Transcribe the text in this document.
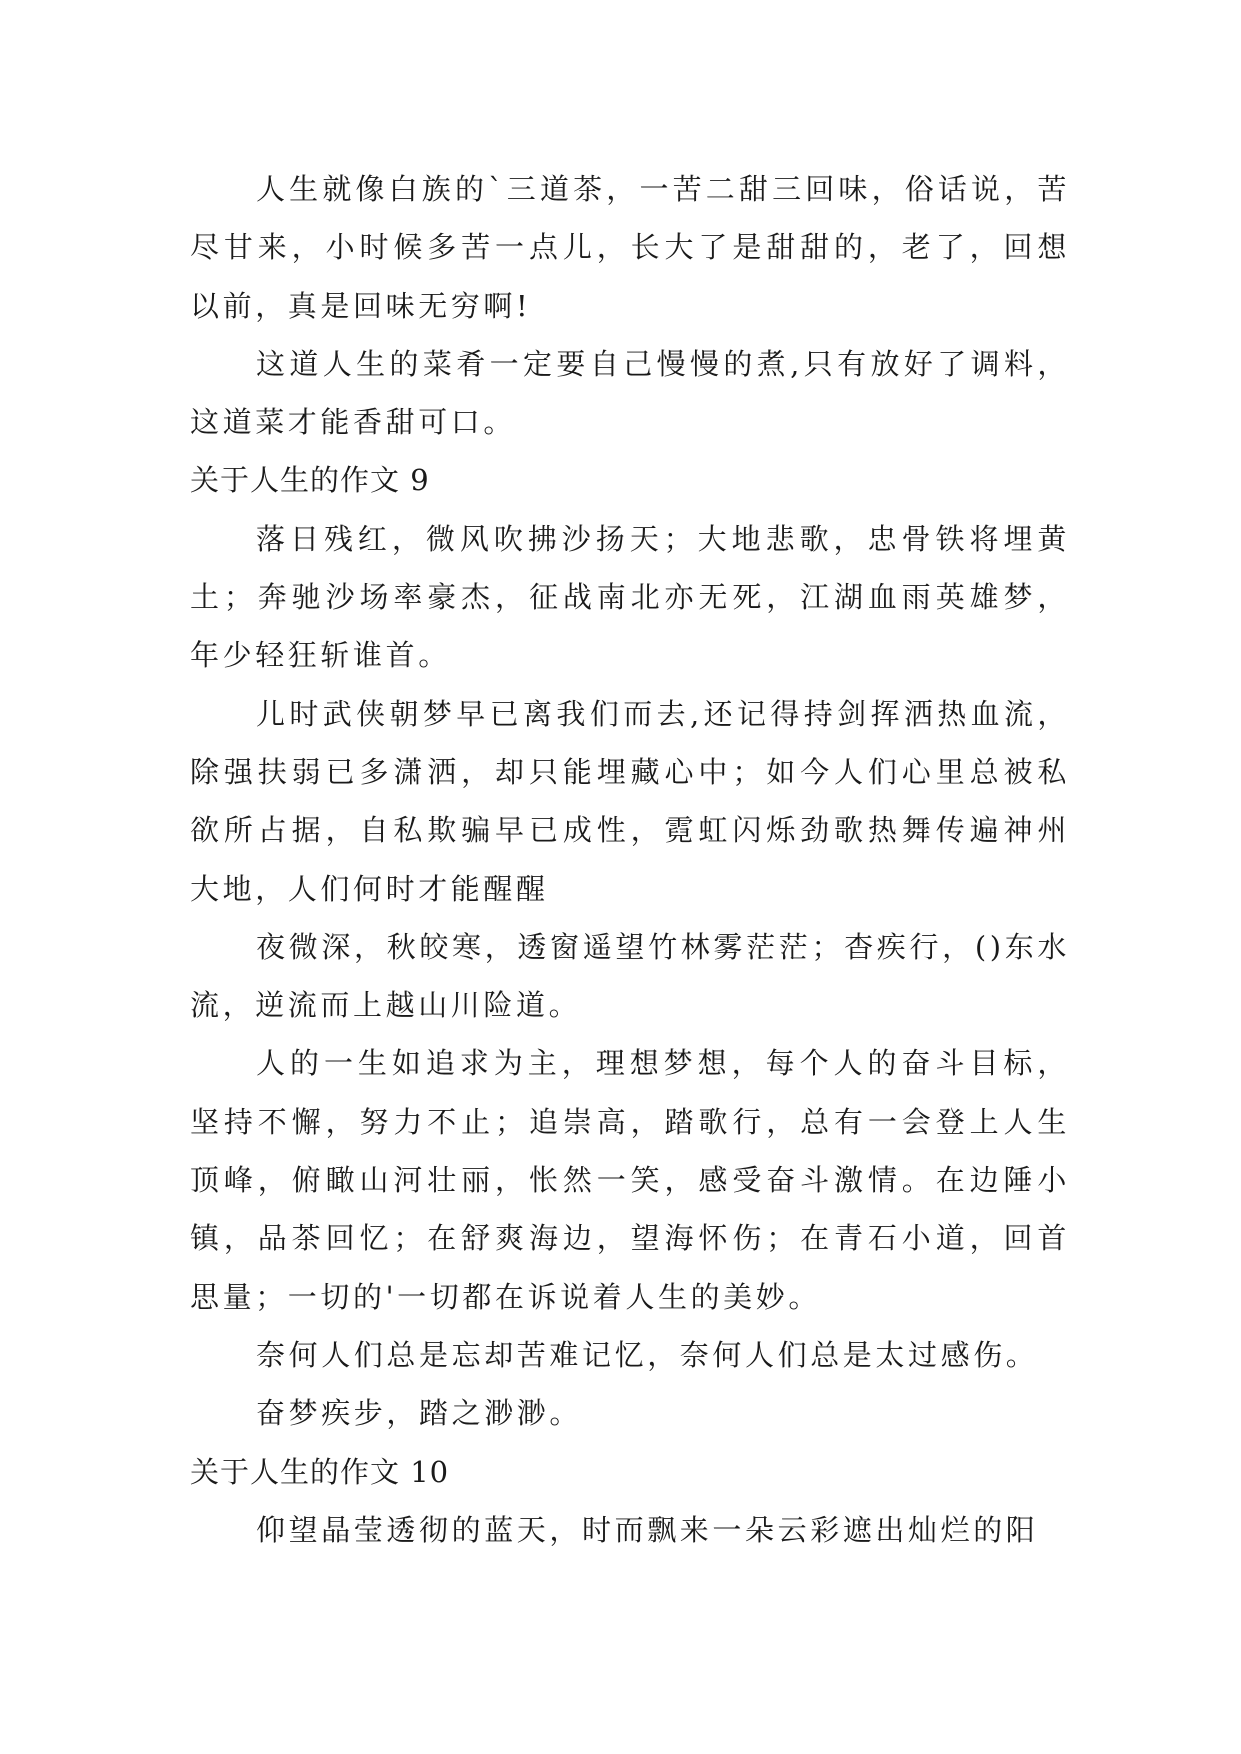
人生就像白族的`三道茶，一苦二甜三回味，俗话说，苦尽甘来，小时候多苦一点儿，长大了是甜甜的，老了，回想以前，真是回味无穷啊!

这道人生的菜肴一定要自己慢慢的煮,只有放好了调料，这道菜才能香甜可口。

关于人生的作文 9

落日残红，微风吹拂沙扬天；大地悲歌，忠骨铁将埋黄土；奔驰沙场率豪杰，征战南北亦无死，江湖血雨英雄梦，年少轻狂斩谁首。

儿时武侠朝梦早已离我们而去,还记得持剑挥洒热血流，除强扶弱已多潇洒，却只能埋藏心中；如今人们心里总被私欲所占据，自私欺骗早已成性，霓虹闪烁劲歌热舞传遍神州大地，人们何时才能醒醒

夜微深，秋皎寒，透窗遥望竹林雾茫茫；杳疾行，()东水流，逆流而上越山川险道。

人的一生如追求为主，理想梦想，每个人的奋斗目标，坚持不懈，努力不止；追崇高，踏歌行，总有一会登上人生顶峰，俯瞰山河壮丽，怅然一笑，感受奋斗激情。在边陲小镇，品茶回忆；在舒爽海边，望海怀伤；在青石小道，回首思量；一切的'一切都在诉说着人生的美妙。

奈何人们总是忘却苦难记忆，奈何人们总是太过感伤。

奋梦疾步，踏之渺渺。

关于人生的作文 10

仰望晶莹透彻的蓝天，时而飘来一朵云彩遮出灿烂的阳
